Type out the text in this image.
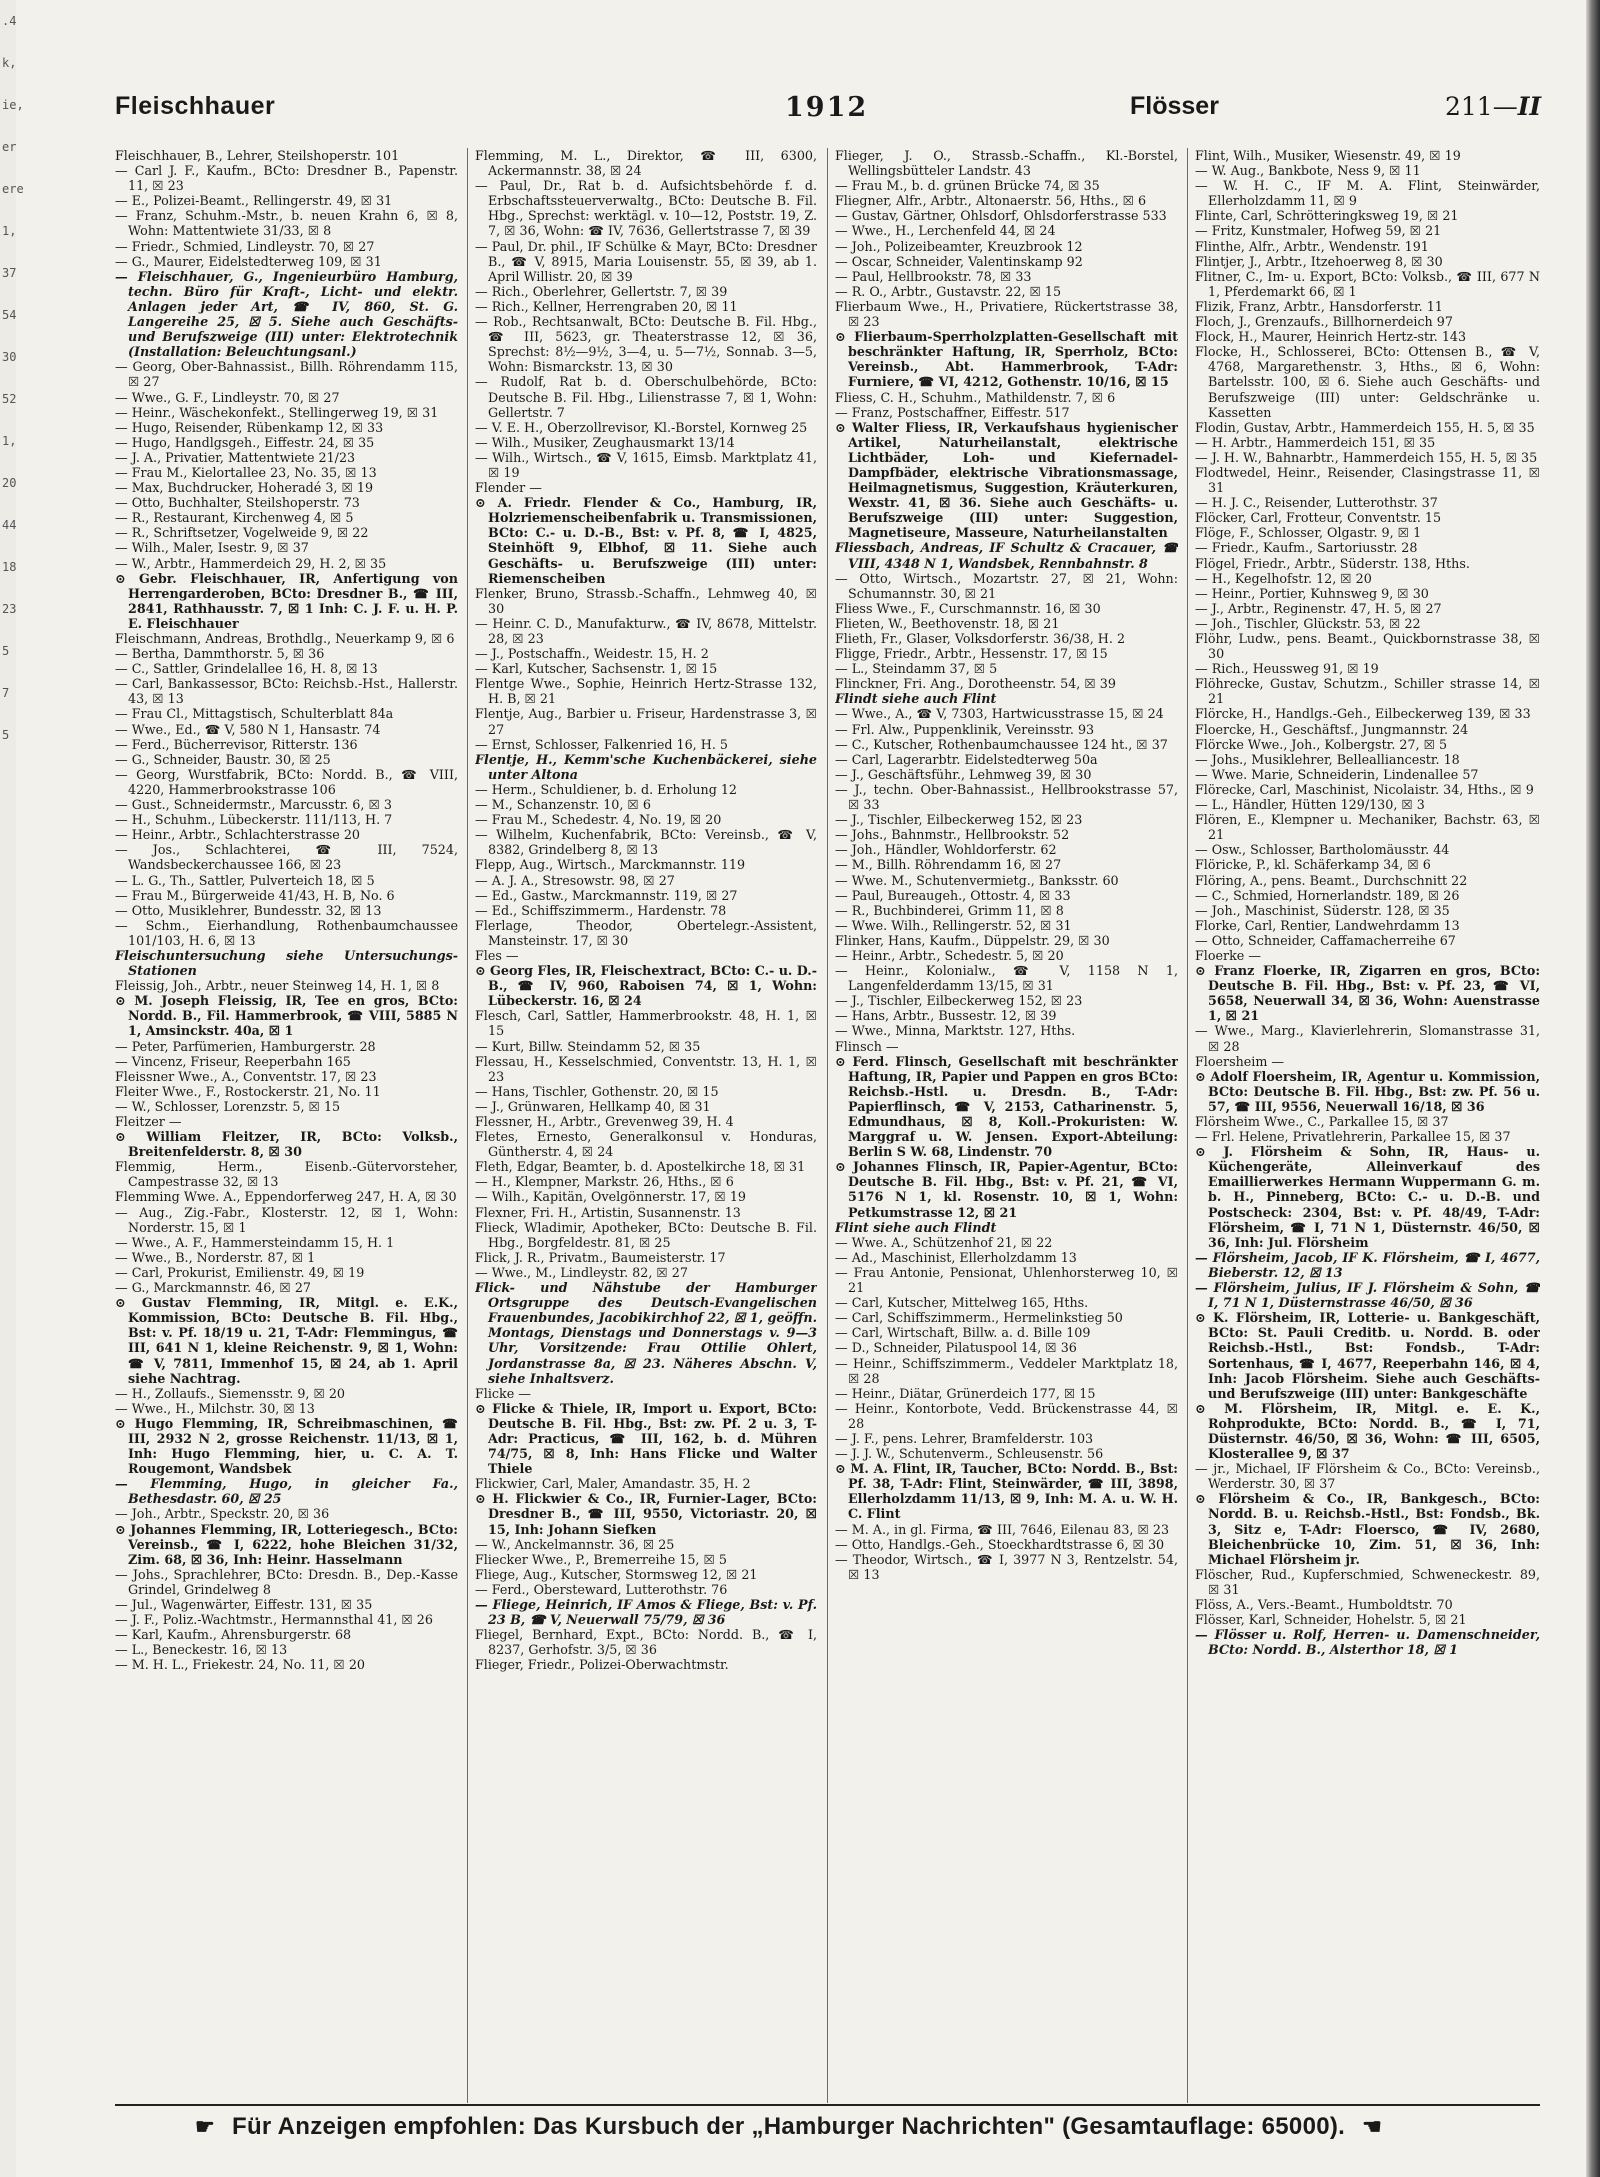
.4
k,
ie,
er
ere
1,
37
54
30
52
1,
20
44
18
23
5
7
5
Fleischhauer	1912	Flösser	211—II

Fleischhauer, B., Lehrer, Steilshoperstr. 101

— Carl J. F., Kaufm., BCto: Dresdner B., Papenstr. 11, ☒ 23

— E., Polizei-Beamt., Rellingerstr. 49, ☒ 31

— Franz, Schuhm.-Mstr., b. neuen Krahn 6, ☒ 8, Wohn: Mattentwiete 31/33, ☒ 8

— Friedr., Schmied, Lindleystr. 70, ☒ 27

— G., Maurer, Eidelstedterweg 109, ☒ 31

— Fleischhauer, G., Ingenieurbüro Hamburg, techn. Büro für Kraft-, Licht- und elektr. Anlagen jeder Art, ☎ IV, 860, St. G. Langereihe 25, ☒ 5. Siehe auch Geschäfts- und Berufszweige (III) unter: Elektrotechnik (Installation: Beleuchtungsanl.)

— Georg, Ober-Bahnassist., Billh. Röhrendamm 115, ☒ 27

— Wwe., G. F., Lindleystr. 70, ☒ 27

— Heinr., Wäschekonfekt., Stellingerweg 19, ☒ 31

— Hugo, Reisender, Rübenkamp 12, ☒ 33

— Hugo, Handlgsgeh., Eiffestr. 24, ☒ 35

— J. A., Privatier, Mattentwiete 21/23

— Frau M., Kielortallee 23, No. 35, ☒ 13

— Max, Buchdrucker, Hoheradé 3, ☒ 19

— Otto, Buchhalter, Steilshoperstr. 73

— R., Restaurant, Kirchenweg 4, ☒ 5

— R., Schriftsetzer, Vogelweide 9, ☒ 22

— Wilh., Maler, Isestr. 9, ☒ 37

— W., Arbtr., Hammerdeich 29, H. 2, ☒ 35

⊙ Gebr. Fleischhauer, IR, Anfertigung von Herrengarderoben, BCto: Dresdner B., ☎ III, 2841, Rathhausstr. 7, ☒ 1 Inh: C. J. F. u. H. P. E. Fleischhauer

Fleischmann, Andreas, Brothdlg., Neuerkamp 9, ☒ 6

— Bertha, Dammthorstr. 5, ☒ 36

— C., Sattler, Grindelallee 16, H. 8, ☒ 13

— Carl, Bankassessor, BCto: Reichsb.-Hst., Hallerstr. 43, ☒ 13

— Frau Cl., Mittagstisch, Schulterblatt 84a

— Wwe., Ed., ☎ V, 580 N 1, Hansastr. 74

— Ferd., Bücherrevisor, Ritterstr. 136

— G., Schneider, Baustr. 30, ☒ 25

— Georg, Wurstfabrik, BCto: Nordd. B., ☎ VIII, 4220, Hammerbrookstrasse 106

— Gust., Schneidermstr., Marcusstr. 6, ☒ 3

— H., Schuhm., Lübeckerstr. 111/113, H. 7

— Heinr., Arbtr., Schlachterstrasse 20

— Jos., Schlachterei, ☎ III, 7524, Wandsbeckerchaussee 166, ☒ 23

— L. G., Th., Sattler, Pulverteich 18, ☒ 5

— Frau M., Bürgerweide 41/43, H. B, No. 6

— Otto, Musiklehrer, Bundesstr. 32, ☒ 13

— Schm., Eierhandlung, Rothenbaumchaussee 101/103, H. 6, ☒ 13

Fleischuntersuchung siehe Untersuchungs-Stationen

Fleissig, Joh., Arbtr., neuer Steinweg 14, H. 1, ☒ 8

⊙ M. Joseph Fleissig, IR, Tee en gros, BCto: Nordd. B., Fil. Hammerbrook, ☎ VIII, 5885 N 1, Amsinckstr. 40a, ☒ 1

— Peter, Parfümerien, Hamburgerstr. 28

— Vincenz, Friseur, Reeperbahn 165

Fleissner Wwe., A., Conventstr. 17, ☒ 23

Fleiter Wwe., F., Rostockerstr. 21, No. 11

— W., Schlosser, Lorenzstr. 5, ☒ 15

Fleitzer —

⊙ William Fleitzer, IR, BCto: Volksb., Breitenfelderstr. 8, ☒ 30

Flemmig, Herm., Eisenb.-Gütervorsteher, Campestrasse 32, ☒ 13

Flemming Wwe. A., Eppendorferweg 247, H. A, ☒ 30

— Aug., Zig.-Fabr., Klosterstr. 12, ☒ 1, Wohn: Norderstr. 15, ☒ 1

— Wwe., A. F., Hammersteindamm 15, H. 1

— Wwe., B., Norderstr. 87, ☒ 1

— Carl, Prokurist, Emilienstr. 49, ☒ 19

— G., Marckmannstr. 46, ☒ 27

⊙ Gustav Flemming, IR, Mitgl. e. E.K., Kommission, BCto: Deutsche B. Fil. Hbg., Bst: v. Pf. 18/19 u. 21, T-Adr: Flemmingus, ☎ III, 641 N 1, kleine Reichenstr. 9, ☒ 1, Wohn: ☎ V, 7811, Immenhof 15, ☒ 24, ab 1. April siehe Nachtrag.

— H., Zollaufs., Siemensstr. 9, ☒ 20

— Wwe., H., Milchstr. 30, ☒ 13

⊙ Hugo Flemming, IR, Schreibmaschinen, ☎ III, 2932 N 2, grosse Reichenstr. 11/13, ☒ 1, Inh: Hugo Flemming, hier, u. C. A. T. Rougemont, Wandsbek

— Flemming, Hugo, in gleicher Fa., Bethesdastr. 60, ☒ 25

— Joh., Arbtr., Speckstr. 20, ☒ 36

⊙ Johannes Flemming, IR, Lotteriegesch., BCto: Vereinsb., ☎ I, 6222, hohe Bleichen 31/32, Zim. 68, ☒ 36, Inh: Heinr. Hasselmann

— Johs., Sprachlehrer, BCto: Dresdn. B., Dep.-Kasse Grindel, Grindelweg 8

— Jul., Wagenwärter, Eiffestr. 131, ☒ 35

— J. F., Poliz.-Wachtmstr., Hermannsthal 41, ☒ 26

— Karl, Kaufm., Ahrensburgerstr. 68

— L., Beneckestr. 16, ☒ 13

— M. H. L., Friekestr. 24, No. 11, ☒ 20

Flemming, M. L., Direktor, ☎ III, 6300, Ackermannstr. 38, ☒ 24

— Paul, Dr., Rat b. d. Aufsichtsbehörde f. d. Erbschaftssteuerverwaltg., BCto: Deutsche B. Fil. Hbg., Sprechst: werktägl. v. 10—12, Poststr. 19, Z. 7, ☒ 36, Wohn: ☎ IV, 7636, Gellertstrasse 7, ☒ 39

— Paul, Dr. phil., IF Schülke & Mayr, BCto: Dresdner B., ☎ V, 8915, Maria Louisenstr. 55, ☒ 39, ab 1. April Willistr. 20, ☒ 39

— Rich., Oberlehrer, Gellertstr. 7, ☒ 39

— Rich., Kellner, Herrengraben 20, ☒ 11

— Rob., Rechtsanwalt, BCto: Deutsche B. Fil. Hbg., ☎ III, 5623, gr. Theaterstrasse 12, ☒ 36, Sprechst: 8½—9½, 3—4, u. 5—7½, Sonnab. 3—5, Wohn: Bismarckstr. 13, ☒ 30

— Rudolf, Rat b. d. Oberschulbehörde, BCto: Deutsche B. Fil. Hbg., Lilienstrasse 7, ☒ 1, Wohn: Gellertstr. 7

— V. E. H., Oberzollrevisor, Kl.-Borstel, Kornweg 25

— Wilh., Musiker, Zeughausmarkt 13/14

— Wilh., Wirtsch., ☎ V, 1615, Eimsb. Marktplatz 41, ☒ 19

Flender —

⊙ A. Friedr. Flender & Co., Hamburg, IR, Holzriemenscheibenfabrik u. Transmissionen, BCto: C.- u. D.-B., Bst: v. Pf. 8, ☎ I, 4825, Steinhöft 9, Elbhof, ☒ 11. Siehe auch Geschäfts- u. Berufszweige (III) unter: Riemenscheiben

Flenker, Bruno, Strassb.-Schaffn., Lehmweg 40, ☒ 30

— Heinr. C. D., Manufakturw., ☎ IV, 8678, Mittelstr. 28, ☒ 23

— J., Postschaffn., Weidestr. 15, H. 2

— Karl, Kutscher, Sachsenstr. 1, ☒ 15

Flentge Wwe., Sophie, Heinrich Hertz-Strasse 132, H. B, ☒ 21

Flentje, Aug., Barbier u. Friseur, Hardenstrasse 3, ☒ 27

— Ernst, Schlosser, Falkenried 16, H. 5

Flentje, H., Kemm'sche Kuchenbäckerei, siehe unter Altona

— Herm., Schuldiener, b. d. Erholung 12

— M., Schanzenstr. 10, ☒ 6

— Frau M., Schedestr. 4, No. 19, ☒ 20

— Wilhelm, Kuchenfabrik, BCto: Vereinsb., ☎ V, 8382, Grindelberg 8, ☒ 13

Flepp, Aug., Wirtsch., Marckmannstr. 119

— A. J. A., Stresowstr. 98, ☒ 27

— Ed., Gastw., Marckmannstr. 119, ☒ 27

— Ed., Schiffszimmerm., Hardenstr. 78

Flerlage, Theodor, Obertelegr.-Assistent, Mansteinstr. 17, ☒ 30

Fles —

⊙ Georg Fles, IR, Fleischextract, BCto: C.- u. D.-B., ☎ IV, 960, Raboisen 74, ☒ 1, Wohn: Lübeckerstr. 16, ☒ 24

Flesch, Carl, Sattler, Hammerbrookstr. 48, H. 1, ☒ 15

— Kurt, Billw. Steindamm 52, ☒ 35

Flessau, H., Kesselschmied, Conventstr. 13, H. 1, ☒ 23

— Hans, Tischler, Gothenstr. 20, ☒ 15

— J., Grünwaren, Hellkamp 40, ☒ 31

Flessner, H., Arbtr., Grevenweg 39, H. 4

Fletes, Ernesto, Generalkonsul v. Honduras, Güntherstr. 4, ☒ 24

Fleth, Edgar, Beamter, b. d. Apostelkirche 18, ☒ 31

— H., Klempner, Markstr. 26, Hths., ☒ 6

— Wilh., Kapitän, Ovelgönnerstr. 17, ☒ 19

Flexner, Fri. H., Artistin, Susannenstr. 13

Flieck, Wladimir, Apotheker, BCto: Deutsche B. Fil. Hbg., Borgfeldestr. 81, ☒ 25

Flick, J. R., Privatm., Baumeisterstr. 17

— Wwe., M., Lindleystr. 82, ☒ 27

Flick- und Nähstube der Hamburger Ortsgruppe des Deutsch-Evangelischen Frauenbundes, Jacobikirchhof 22, ☒ 1, geöffn. Montags, Dienstags und Donnerstags v. 9—3 Uhr, Vorsitzende: Frau Ottilie Ohlert, Jordanstrasse 8a, ☒ 23. Näheres Abschn. V, siehe Inhaltsverz.

Flicke —

⊙ Flicke & Thiele, IR, Import u. Export, BCto: Deutsche B. Fil. Hbg., Bst: zw. Pf. 2 u. 3, T-Adr: Practicus, ☎ III, 162, b. d. Mühren 74/75, ☒ 8, Inh: Hans Flicke und Walter Thiele

Flickwier, Carl, Maler, Amandastr. 35, H. 2

⊙ H. Flickwier & Co., IR, Furnier-Lager, BCto: Dresdner B., ☎ III, 9550, Victoriastr. 20, ☒ 15, Inh: Johann Siefken

— W., Anckelmannstr. 36, ☒ 25

Fliecker Wwe., P., Bremerreihe 15, ☒ 5

Fliege, Aug., Kutscher, Stormsweg 12, ☒ 21

— Ferd., Obersteward, Lutterothstr. 76

— Fliege, Heinrich, IF Amos & Fliege, Bst: v. Pf. 23 B, ☎ V, Neuerwall 75/79, ☒ 36

Fliegel, Bernhard, Expt., BCto: Nordd. B., ☎ I, 8237, Gerhofstr. 3/5, ☒ 36

Flieger, Friedr., Polizei-Oberwachtmstr.

Flieger, J. O., Strassb.-Schaffn., Kl.-Borstel, Wellingsbütteler Landstr. 43

— Frau M., b. d. grünen Brücke 74, ☒ 35

Fliegner, Alfr., Arbtr., Altonaerstr. 56, Hths., ☒ 6

— Gustav, Gärtner, Ohlsdorf, Ohlsdorferstrasse 533

— Wwe., H., Lerchenfeld 44, ☒ 24

— Joh., Polizeibeamter, Kreuzbrook 12

— Oscar, Schneider, Valentinskamp 92

— Paul, Hellbrookstr. 78, ☒ 33

— R. O., Arbtr., Gustavstr. 22, ☒ 15

Flierbaum Wwe., H., Privatiere, Rückertstrasse 38, ☒ 23

⊙ Flierbaum-Sperrholzplatten-Gesellschaft mit beschränkter Haftung, IR, Sperrholz, BCto: Vereinsb., Abt. Hammerbrook, T-Adr: Furniere, ☎ VI, 4212, Gothenstr. 10/16, ☒ 15

Fliess, C. H., Schuhm., Mathildenstr. 7, ☒ 6

— Franz, Postschaffner, Eiffestr. 517

⊙ Walter Fliess, IR, Verkaufshaus hygienischer Artikel, Naturheilanstalt, elektrische Lichtbäder, Loh- und Kiefernadel-Dampfbäder, elektrische Vibrationsmassage, Heilmagnetismus, Suggestion, Kräuterkuren, Wexstr. 41, ☒ 36. Siehe auch Geschäfts- u. Berufszweige (III) unter: Suggestion, Magnetiseure, Masseure, Naturheilanstalten

Fliessbach, Andreas, IF Schultz & Cracauer, ☎ VIII, 4348 N 1, Wandsbek, Rennbahnstr. 8

— Otto, Wirtsch., Mozartstr. 27, ☒ 21, Wohn: Schumannstr. 30, ☒ 21

Fliess Wwe., F., Curschmannstr. 16, ☒ 30

Flieten, W., Beethovenstr. 18, ☒ 21

Flieth, Fr., Glaser, Volksdorferstr. 36/38, H. 2

Fligge, Friedr., Arbtr., Hessenstr. 17, ☒ 15

— L., Steindamm 37, ☒ 5

Flinckner, Fri. Ang., Dorotheenstr. 54, ☒ 39

Flindt siehe auch Flint

— Wwe., A., ☎ V, 7303, Hartwicusstrasse 15, ☒ 24

— Frl. Alw., Puppenklinik, Vereinsstr. 93

— C., Kutscher, Rothenbaumchaussee 124 ht., ☒ 37

— Carl, Lagerarbtr. Eidelstedterweg 50a

— J., Geschäftsführ., Lehmweg 39, ☒ 30

— J., techn. Ober-Bahnassist., Hellbrookstrasse 57, ☒ 33

— J., Tischler, Eilbeckerweg 152, ☒ 23

— Johs., Bahnmstr., Hellbrookstr. 52

— Joh., Händler, Wohldorferstr. 62

— M., Billh. Röhrendamm 16, ☒ 27

— Wwe. M., Schutenvermietg., Banksstr. 60

— Paul, Bureaugeh., Ottostr. 4, ☒ 33

— R., Buchbinderei, Grimm 11, ☒ 8

— Wwe. Wilh., Rellingerstr. 52, ☒ 31

Flinker, Hans, Kaufm., Düppelstr. 29, ☒ 30

— Heinr., Arbtr., Schedestr. 5, ☒ 20

— Heinr., Kolonialw., ☎ V, 1158 N 1, Langenfelderdamm 13/15, ☒ 31

— J., Tischler, Eilbeckerweg 152, ☒ 23

— Hans, Arbtr., Bussestr. 12, ☒ 39

— Wwe., Minna, Marktstr. 127, Hths.

Flinsch —

⊙ Ferd. Flinsch, Gesellschaft mit beschränkter Haftung, IR, Papier und Pappen en gros BCto: Reichsb.-Hstl. u. Dresdn. B., T-Adr: Papierflinsch, ☎ V, 2153, Catharinenstr. 5, Edmundhaus, ☒ 8, Koll.-Prokuristen: W. Marggraf u. W. Jensen. Export-Abteilung: Berlin S W. 68, Lindenstr. 70

⊙ Johannes Flinsch, IR, Papier-Agentur, BCto: Deutsche B. Fil. Hbg., Bst: v. Pf. 21, ☎ VI, 5176 N 1, kl. Rosenstr. 10, ☒ 1, Wohn: Petkumstrasse 12, ☒ 21

Flint siehe auch Flindt

— Wwe. A., Schützenhof 21, ☒ 22

— Ad., Maschinist, Ellerholzdamm 13

— Frau Antonie, Pensionat, Uhlenhorsterweg 10, ☒ 21

— Carl, Kutscher, Mittelweg 165, Hths.

— Carl, Schiffszimmerm., Hermelinkstieg 50

— Carl, Wirtschaft, Billw. a. d. Bille 109

— D., Schneider, Pilatuspool 14, ☒ 36

— Heinr., Schiffszimmerm., Veddeler Marktplatz 18, ☒ 28

— Heinr., Diätar, Grünerdeich 177, ☒ 15

— Heinr., Kontorbote, Vedd. Brückenstrasse 44, ☒ 28

— J. F., pens. Lehrer, Bramfelderstr. 103

— J. J. W., Schutenverm., Schleusenstr. 56

⊙ M. A. Flint, IR, Taucher, BCto: Nordd. B., Bst: Pf. 38, T-Adr: Flint, Steinwärder, ☎ III, 3898, Ellerholzdamm 11/13, ☒ 9, Inh: M. A. u. W. H. C. Flint

— M. A., in gl. Firma, ☎ III, 7646, Eilenau 83, ☒ 23

— Otto, Handlgs.-Geh., Stoeckhardtstrasse 6, ☒ 30

— Theodor, Wirtsch., ☎ I, 3977 N 3, Rentzelstr. 54, ☒ 13

Flint, Wilh., Musiker, Wiesenstr. 49, ☒ 19

— W. Aug., Bankbote, Ness 9, ☒ 11

— W. H. C., IF M. A. Flint, Steinwärder, Ellerholzdamm 11, ☒ 9

Flinte, Carl, Schrötteringksweg 19, ☒ 21

— Fritz, Kunstmaler, Hofweg 59, ☒ 21

Flinthe, Alfr., Arbtr., Wendenstr. 191

Flintjer, J., Arbtr., Itzehoerweg 8, ☒ 30

Flitner, C., Im- u. Export, BCto: Volksb., ☎ III, 677 N 1, Pferdemarkt 66, ☒ 1

Flizik, Franz, Arbtr., Hansdorferstr. 11

Floch, J., Grenzaufs., Billhornerdeich 97

Flock, H., Maurer, Heinrich Hertz-str. 143

Flocke, H., Schlosserei, BCto: Ottensen B., ☎ V, 4768, Margarethenstr. 3, Hths., ☒ 6, Wohn: Bartelsstr. 100, ☒ 6. Siehe auch Geschäfts- und Berufszweige (III) unter: Geldschränke u. Kassetten

Flodin, Gustav, Arbtr., Hammerdeich 155, H. 5, ☒ 35

— H. Arbtr., Hammerdeich 151, ☒ 35

— J. H. W., Bahnarbtr., Hammerdeich 155, H. 5, ☒ 35

Flodtwedel, Heinr., Reisender, Clasingstrasse 11, ☒ 31

— H. J. C., Reisender, Lutterothstr. 37

Flöcker, Carl, Frotteur, Conventstr. 15

Flöge, F., Schlosser, Olgastr. 9, ☒ 1

— Friedr., Kaufm., Sartoriusstr. 28

Flögel, Friedr., Arbtr., Süderstr. 138, Hths.

— H., Kegelhofstr. 12, ☒ 20

— Heinr., Portier, Kuhnsweg 9, ☒ 30

— J., Arbtr., Reginenstr. 47, H. 5, ☒ 27

— Joh., Tischler, Glückstr. 53, ☒ 22

Flöhr, Ludw., pens. Beamt., Quickbornstrasse 38, ☒ 30

— Rich., Heussweg 91, ☒ 19

Flöhrecke, Gustav, Schutzm., Schiller strasse 14, ☒ 21

Flörcke, H., Handlgs.-Geh., Eilbeckerweg 139, ☒ 33

Floercke, H., Geschäftsf., Jungmannstr. 24

Flörcke Wwe., Joh., Kolbergstr. 27, ☒ 5

— Johs., Musiklehrer, Bellealliancestr. 18

— Wwe. Marie, Schneiderin, Lindenallee 57

Flörecke, Carl, Maschinist, Nicolaistr. 34, Hths., ☒ 9

— L., Händler, Hütten 129/130, ☒ 3

Flören, E., Klempner u. Mechaniker, Bachstr. 63, ☒ 21

— Osw., Schlosser, Bartholomäusstr. 44

Flöricke, P., kl. Schäferkamp 34, ☒ 6

Flöring, A., pens. Beamt., Durchschnitt 22

— C., Schmied, Hornerlandstr. 189, ☒ 26

— Joh., Maschinist, Süderstr. 128, ☒ 35

Florke, Carl, Rentier, Landwehrdamm 13

— Otto, Schneider, Caffamacherreihe 67

Floerke —

⊙ Franz Floerke, IR, Zigarren en gros, BCto: Deutsche B. Fil. Hbg., Bst: v. Pf. 23, ☎ VI, 5658, Neuerwall 34, ☒ 36, Wohn: Auenstrasse 1, ☒ 21

— Wwe., Marg., Klavierlehrerin, Slomanstrasse 31, ☒ 28

Floersheim —

⊙ Adolf Floersheim, IR, Agentur u. Kommission, BCto: Deutsche B. Fil. Hbg., Bst: zw. Pf. 56 u. 57, ☎ III, 9556, Neuerwall 16/18, ☒ 36

Flörsheim Wwe., C., Parkallee 15, ☒ 37

— Frl. Helene, Privatlehrerin, Parkallee 15, ☒ 37

⊙ J. Flörsheim & Sohn, IR, Haus- u. Küchengeräte, Alleinverkauf des Emaillierwerkes Hermann Wuppermann G. m. b. H., Pinneberg, BCto: C.- u. D.-B. und Postscheck: 2304, Bst: v. Pf. 48/49, T-Adr: Flörsheim, ☎ I, 71 N 1, Düsternstr. 46/50, ☒ 36, Inh: Jul. Flörsheim

— Flörsheim, Jacob, IF K. Flörsheim, ☎ I, 4677, Bieberstr. 12, ☒ 13

— Flörsheim, Julius, IF J. Flörsheim & Sohn, ☎ I, 71 N 1, Düsternstrasse 46/50, ☒ 36

⊙ K. Flörsheim, IR, Lotterie- u. Bankgeschäft, BCto: St. Pauli Creditb. u. Nordd. B. oder Reichsb.-Hstl., Bst: Fondsb., T-Adr: Sortenhaus, ☎ I, 4677, Reeperbahn 146, ☒ 4, Inh: Jacob Flörsheim. Siehe auch Geschäfts- und Berufszweige (III) unter: Bankgeschäfte

⊙ M. Flörsheim, IR, Mitgl. e. E. K., Rohprodukte, BCto: Nordd. B., ☎ I, 71, Düsternstr. 46/50, ☒ 36, Wohn: ☎ III, 6505, Klosterallee 9, ☒ 37

— jr., Michael, IF Flörsheim & Co., BCto: Vereinsb., Werderstr. 30, ☒ 37

⊙ Flörsheim & Co., IR, Bankgesch., BCto: Nordd. B. u. Reichsb.-Hstl., Bst: Fondsb., Bk. 3, Sitz e, T-Adr: Floersco, ☎ IV, 2680, Bleichenbrücke 10, Zim. 51, ☒ 36, Inh: Michael Flörsheim jr.

Flöscher, Rud., Kupferschmied, Schweneckestr. 89, ☒ 31

Flöss, A., Vers.-Beamt., Humboldtstr. 70

Flösser, Karl, Schneider, Hohelstr. 5, ☒ 21

— Flösser u. Rolf, Herren- u. Damenschneider, BCto: Nordd. B., Alsterthor 18, ☒ 1

☛ Für Anzeigen empfohlen: Das Kursbuch der „Hamburger Nachrichten" (Gesamtauflage: 65000). ☚
